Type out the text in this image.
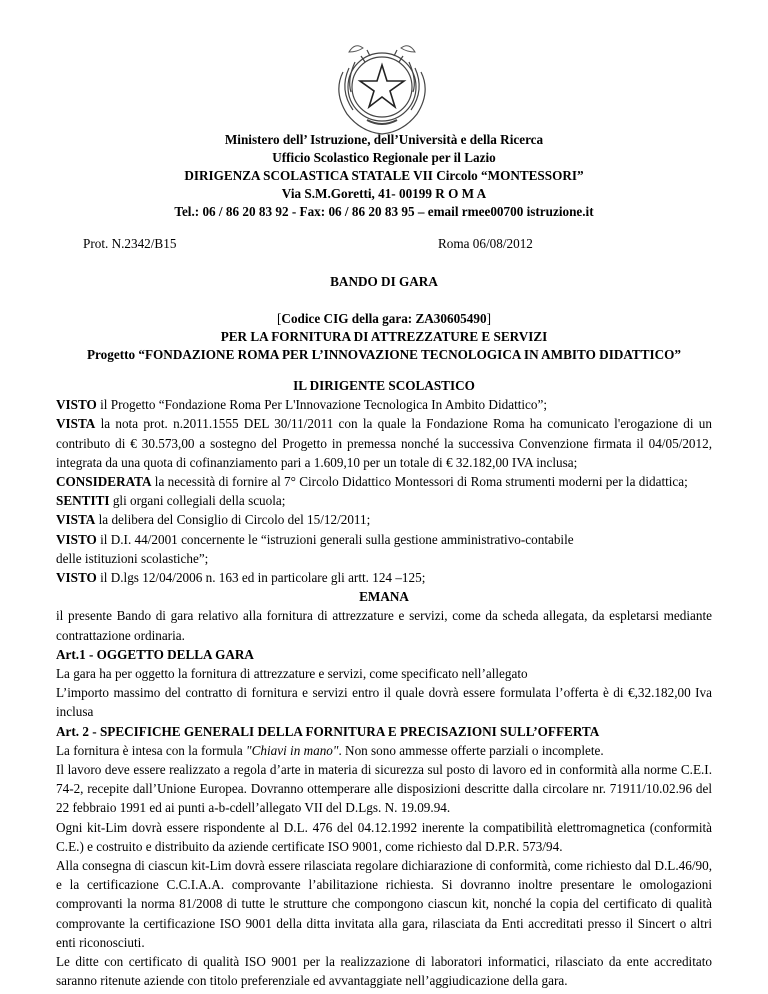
Ministero dell’ Istruzione, dell’Università e della Ricerca
Ufficio Scolastico Regionale per il Lazio
DIRIGENZA SCOLASTICA STATALE VII Circolo “MONTESSORI”
Via S.M.Goretti, 41- 00199 R O M A
Tel.: 06 / 86 20 83 92 - Fax: 06 / 86 20 83 95 – email rmee00700 istruzione.it
Prot. N.2342/B15	Roma 06/08/2012
BANDO DI GARA
[Codice CIG della gara: ZA30605490]
PER LA FORNITURA DI ATTREZZATURE E SERVIZI
Progetto “FONDAZIONE ROMA PER L’INNOVAZIONE TECNOLOGICA IN AMBITO DIDATTICO”

IL DIRIGENTE SCOLASTICO

VISTO il Progetto “Fondazione Roma Per L'Innovazione Tecnologica In Ambito Didattico”;

VISTA la nota prot. n.2011.1555 DEL 30/11/2011 con la quale la Fondazione Roma ha comunicato l'erogazione di un contributo di € 30.573,00 a sostegno del Progetto in premessa nonché la successiva Convenzione firmata il 04/05/2012, integrata da una quota di cofinanziamento pari a 1.609,10 per un totale di € 32.182,00 IVA inclusa;

CONSIDERATA la necessità di fornire al 7° Circolo Didattico Montessori di Roma strumenti moderni per la didattica;

SENTITI gli organi collegiali della scuola;

VISTA la delibera del Consiglio di Circolo del 15/12/2011;

VISTO il D.I. 44/2001 concernente le “istruzioni generali sulla gestione amministrativo-contabile
delle istituzioni scolastiche”;

VISTO il D.lgs 12/04/2006 n. 163 ed in particolare gli artt. 124 –125;

EMANA

il presente Bando di gara relativo alla fornitura di attrezzature e servizi, come da scheda allegata, da espletarsi mediante contrattazione ordinaria.

Art.1 - OGGETTO DELLA GARA

La gara ha per oggetto la fornitura di attrezzature e servizi, come specificato nell’allegato

L’importo massimo del contratto di fornitura e servizi entro il quale dovrà essere formulata l’offerta è di €,32.182,00 Iva inclusa

Art. 2 - SPECIFICHE GENERALI DELLA FORNITURA E PRECISAZIONI SULL’OFFERTA

La fornitura è intesa con la formula "Chiavi in mano". Non sono ammesse offerte parziali o incomplete.

Il lavoro deve essere realizzato a regola d’arte in materia di sicurezza sul posto di lavoro ed in conformità alla norme C.E.I. 74-2, recepite dall’Unione Europea. Dovranno ottemperare alle disposizioni descritte dalla circolare nr. 71911/10.02.96 del 22 febbraio 1991 ed ai punti a-b-cdell’allegato VII del D.Lgs. N. 19.09.94.

Ogni kit-Lim dovrà essere rispondente al D.L. 476 del 04.12.1992 inerente la compatibilità elettromagnetica (conformità C.E.) e costruito e distribuito da aziende certificate ISO 9001, come richiesto dal D.P.R. 573/94.

Alla consegna di ciascun kit-Lim dovrà essere rilasciata regolare dichiarazione di conformità, come richiesto dal D.L.46/90, e la certificazione C.C.I.A.A. comprovante l’abilitazione richiesta. Si dovranno inoltre presentare le omologazioni comprovanti la norma 81/2008 di tutte le strutture che compongono ciascun kit, nonché la copia del certificato di qualità comprovante la certificazione ISO 9001 della ditta invitata alla gara, rilasciata da Enti accreditati presso il Sincert o altri enti riconosciuti.

Le ditte con certificato di qualità ISO 9001 per la realizzazione di laboratori informatici, rilasciato da ente accreditato saranno ritenute aziende con titolo preferenziale ed avvantaggiate nell’aggiudicazione della gara.
